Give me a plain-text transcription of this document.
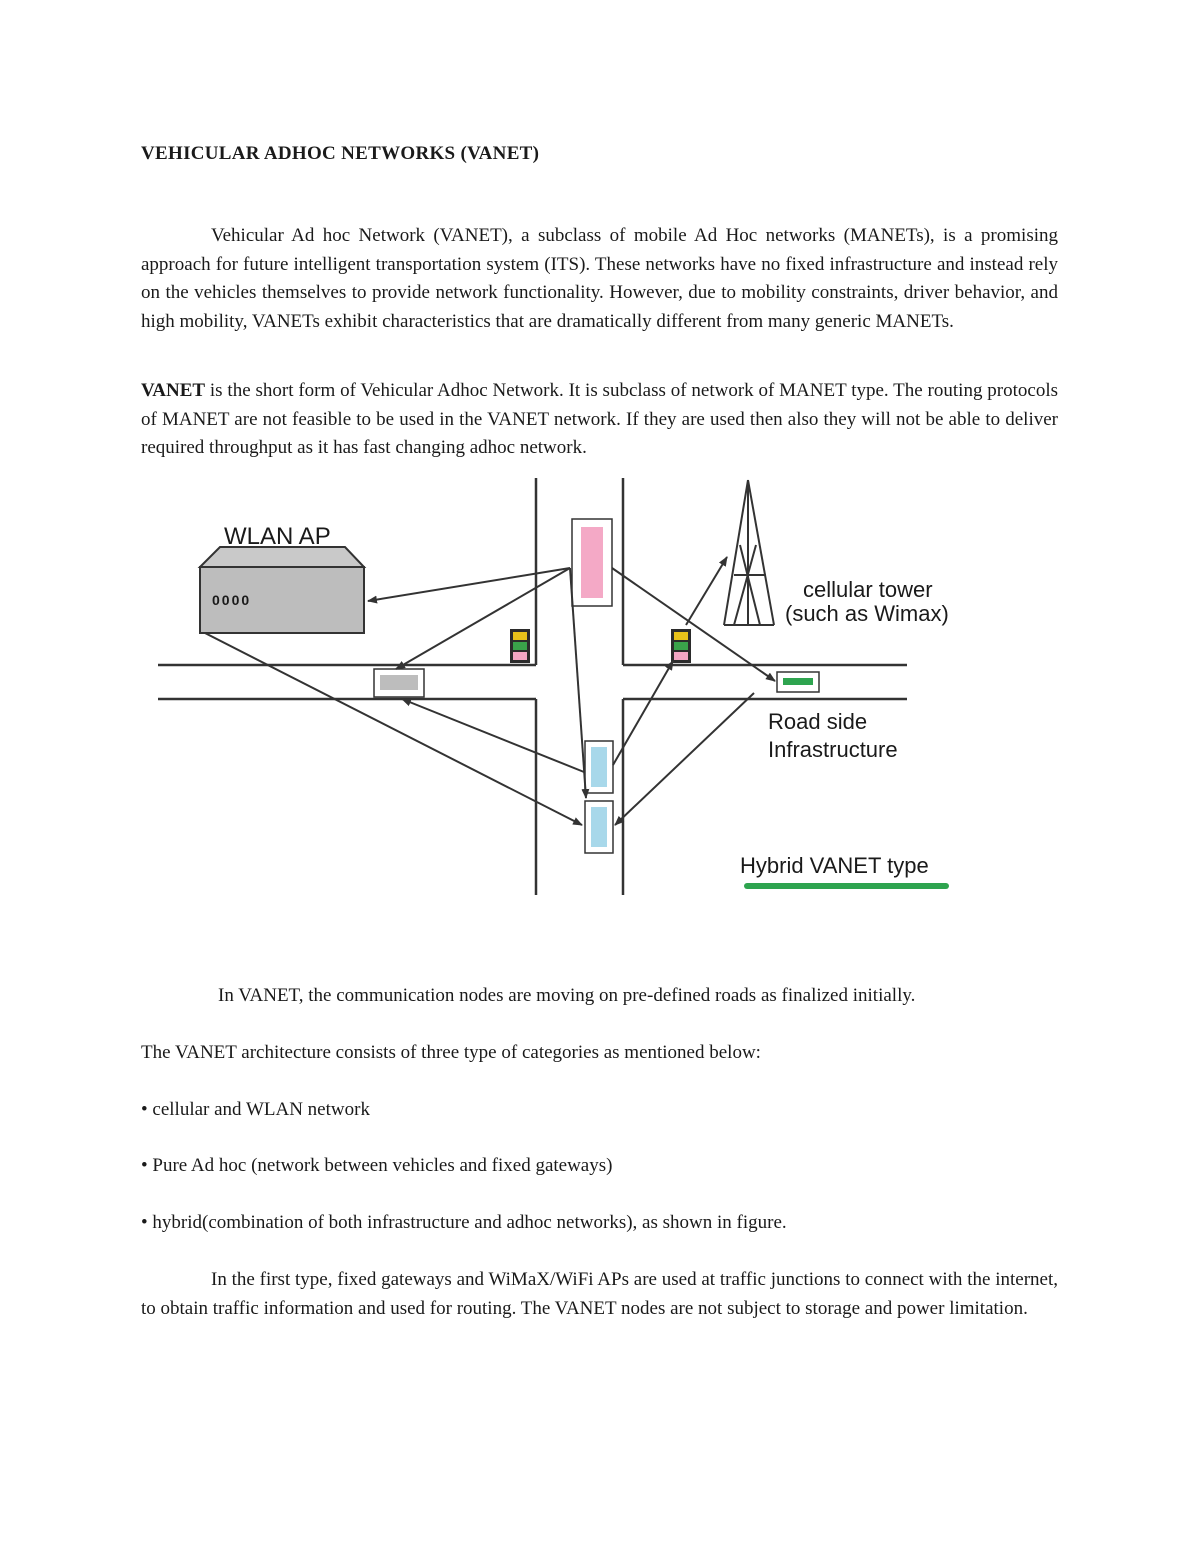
VEHICULAR ADHOC NETWORKS (VANET)

Vehicular Ad hoc Network (VANET), a subclass of mobile Ad Hoc networks (MANETs), is a promising approach for future intelligent transportation system (ITS). These networks have no fixed infrastructure and instead rely on the vehicles themselves to provide network functionality. However, due to mobility constraints, driver behavior, and high mobility, VANETs exhibit characteristics that are dramatically different from many generic MANETs.

VANET is the short form of Vehicular Adhoc Network. It is subclass of network of MANET type. The routing protocols of MANET are not feasible to be used in the VANET network. If they are used then also they will not be able to deliver required throughput as it has fast changing adhoc network.

0000
WLAN AP
cellular tower
(such as Wimax)
Road side
Infrastructure
Hybrid VANET type

In VANET, the communication nodes are moving on pre-defined roads as finalized initially.

The VANET architecture consists of three type of categories as mentioned below:

• cellular and WLAN network

• Pure Ad hoc (network between vehicles and fixed gateways)

• hybrid(combination of both infrastructure and adhoc networks), as shown in figure.

In the first type, fixed gateways and WiMaX/WiFi APs are used at traffic junctions to connect with the internet, to obtain traffic information and used for routing. The VANET nodes are not subject to storage and power limitation.
